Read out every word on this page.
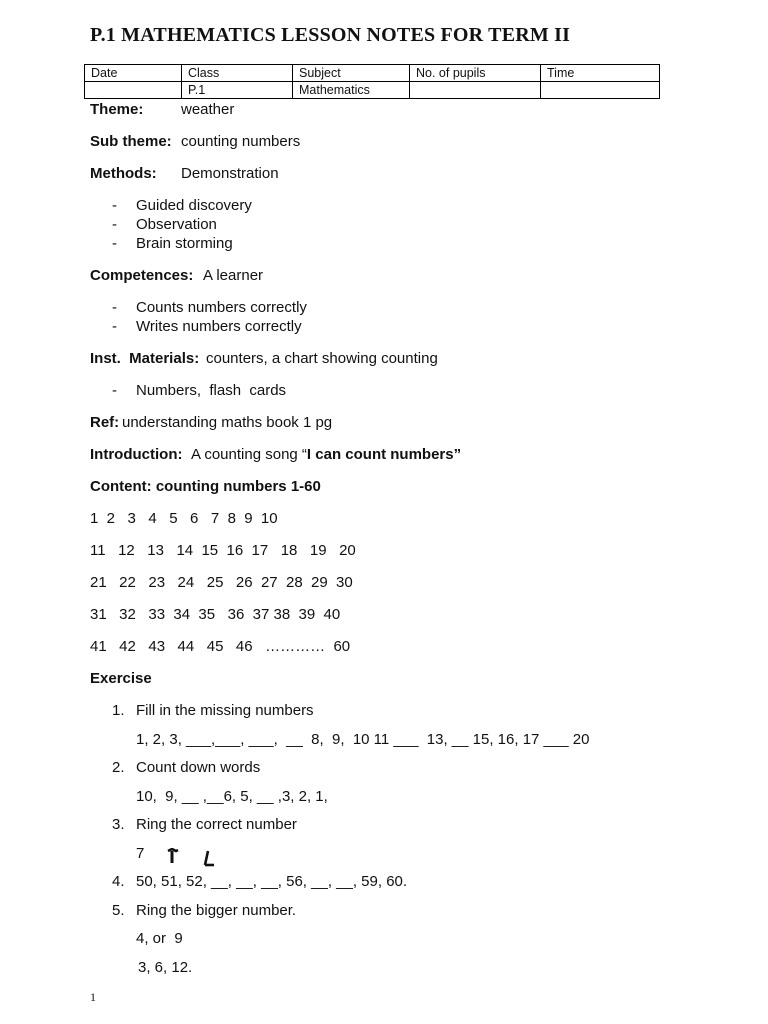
P.1 MATHEMATICS LESSON NOTES FOR TERM II
Date	Class	Subject	No. of pupils	Time
	P.1	Mathematics		
Theme:	weather
Sub theme: counting numbers
Methods: Demonstration
- Guided discovery
- Observation
- Brain storming
Competences: A learner
- Counts numbers correctly
- Writes numbers correctly
Inst.  Materials: counters, a chart showing counting
- Numbers,  flash  cards
Ref: understanding maths book 1 pg
Introduction: A counting song “I can count numbers”
Content: counting numbers 1-60
1  2   3   4   5   6   7  8  9  10
11   12   13   14  15  16  17   18   19   20
21   22   23   24   25   26  27  28  29  30
31   32   33  34  35   36  37 38  39  40
41   42   43   44   45   46   …………  60
Exercise
1. Fill in the missing numbers
1, 2, 3, ___,___, ___,  __  8,  9,  10 11 ___  13, __ 15, 16, 17 ___ 20
2. Count down words
10,  9, __ ,__6, 5, __ ,3, 2, 1,
3. Ring the correct number
7
4. 50, 51, 52, __, __, __, 56, __, __, 59, 60.
5. Ring the bigger number.
4, or  9
3, 6, 12.
1
